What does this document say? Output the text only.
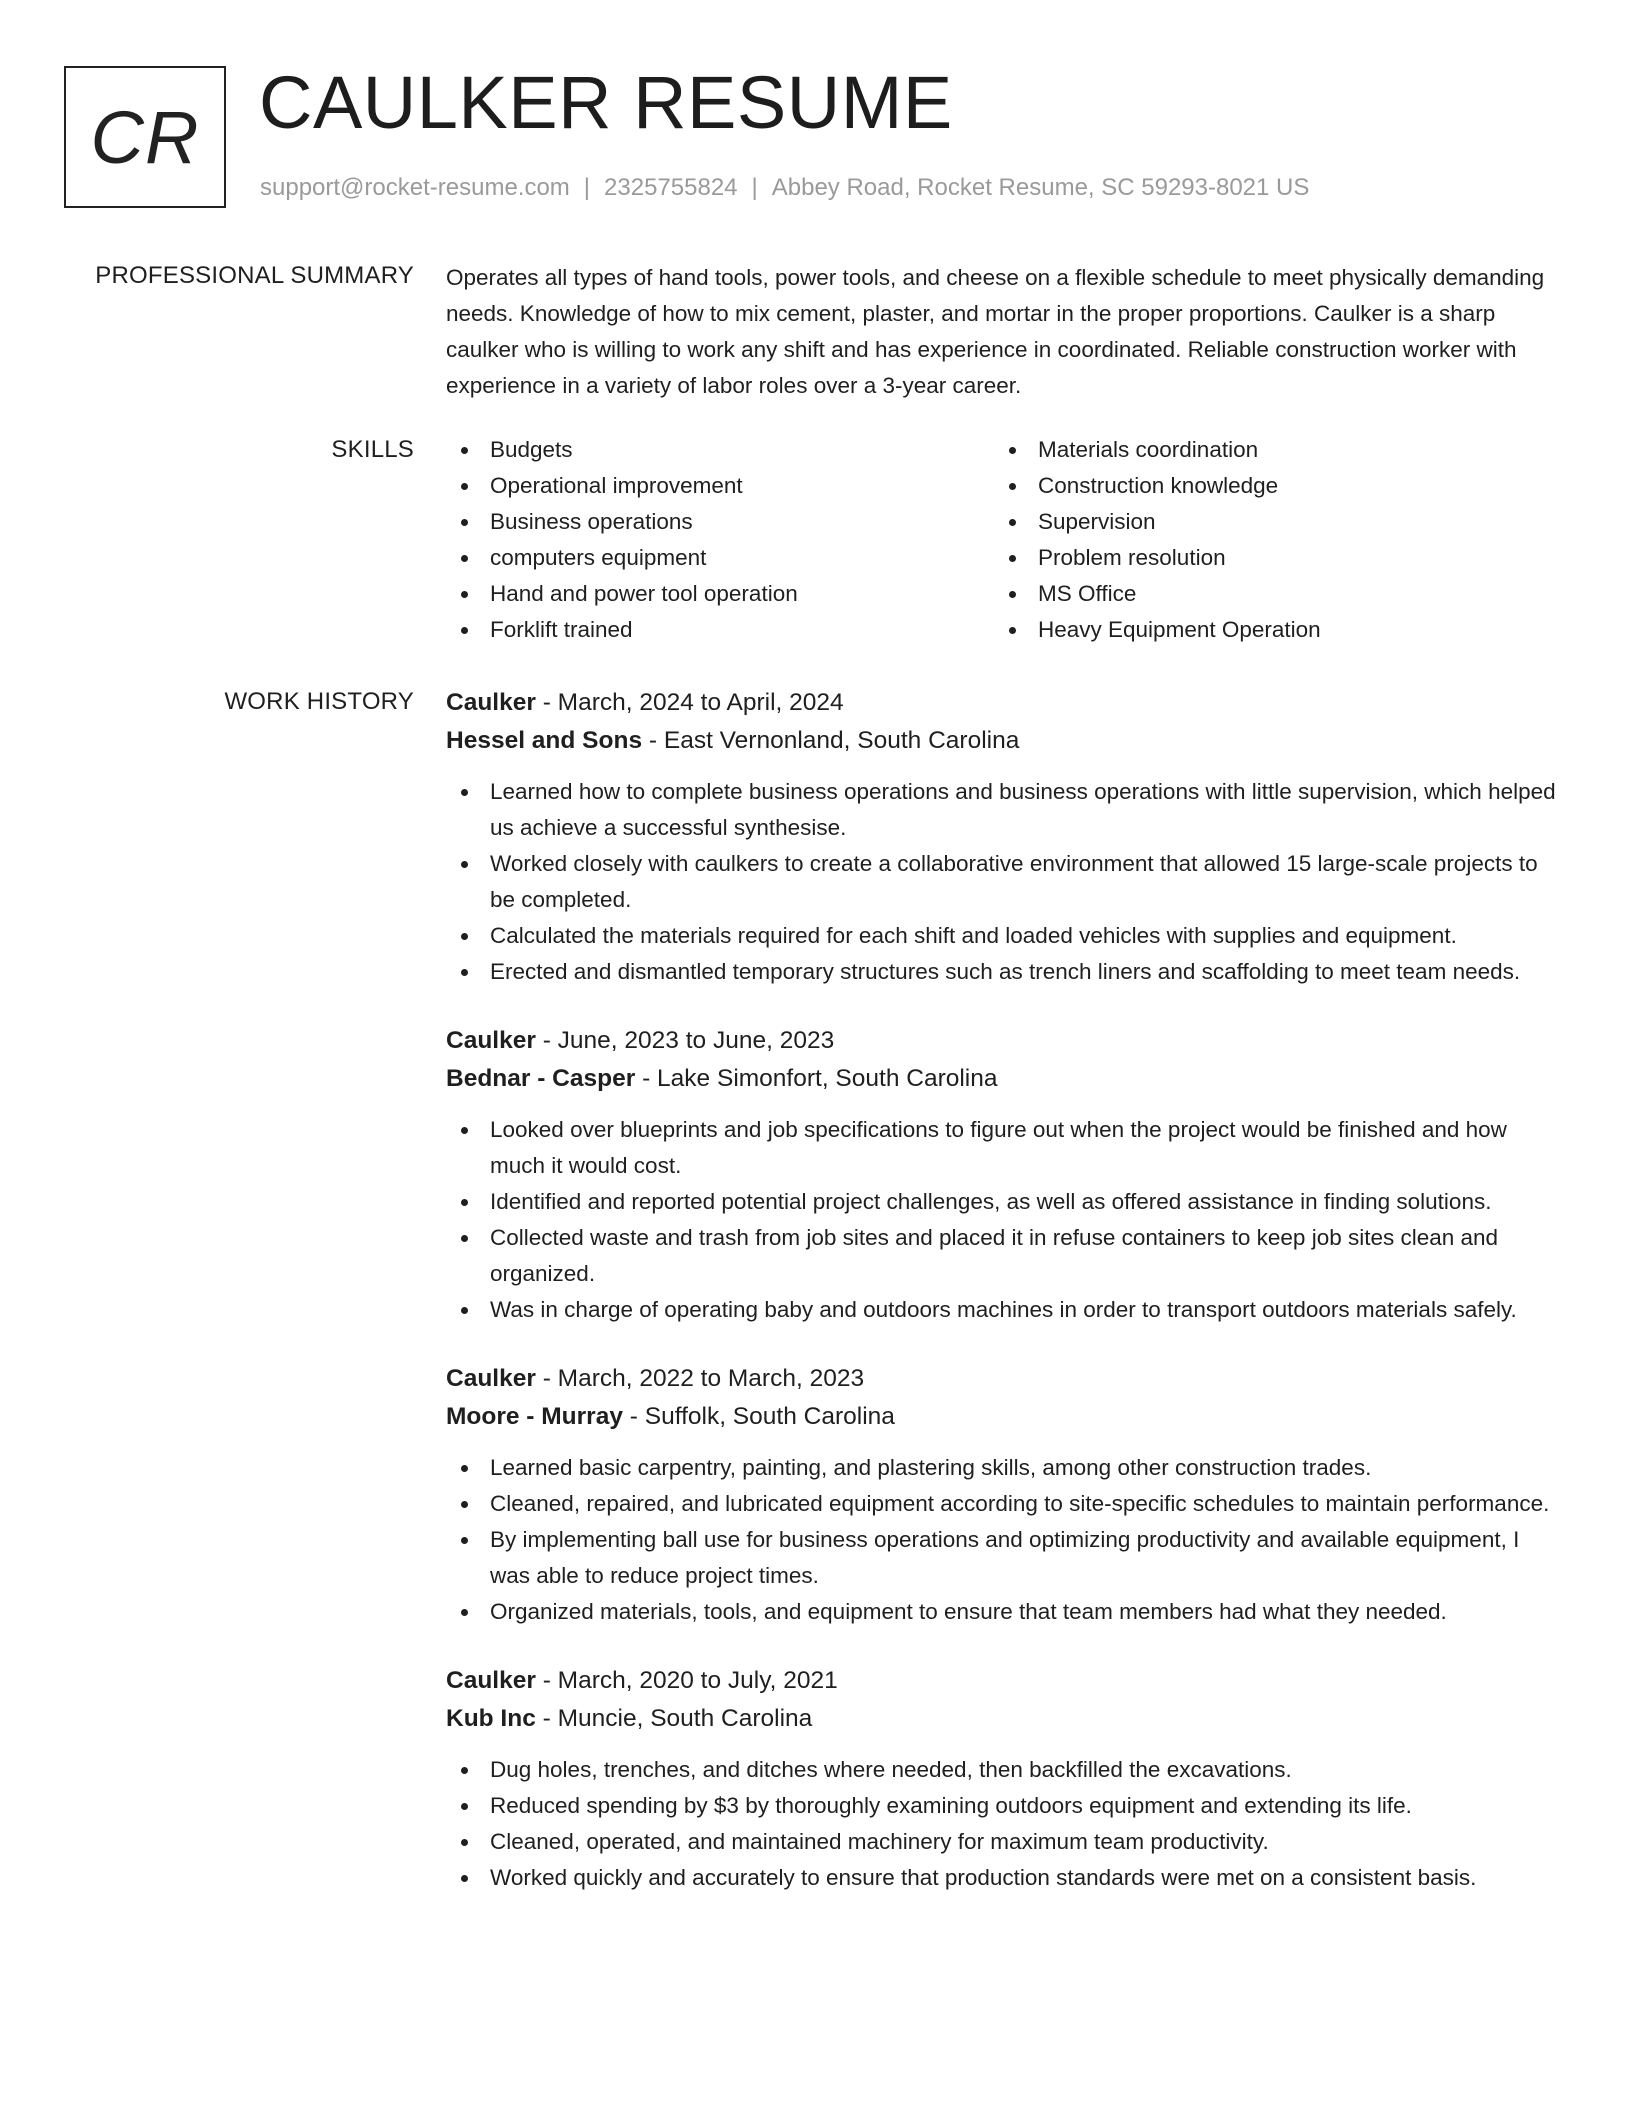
CR CAULKER RESUME
support@rocket-resume.com | 2325755824 | Abbey Road, Rocket Resume, SC 59293-8021 US
PROFESSIONAL SUMMARY Operates all types of hand tools, power tools, and cheese on a flexible schedule to meet physically demanding needs. Knowledge of how to mix cement, plaster, and mortar in the proper proportions. Caulker is a sharp caulker who is willing to work any shift and has experience in coordinated. Reliable construction worker with experience in a variety of labor roles over a 3-year career.
SKILLS	Budgets
Operational improvement
Business operations
computers equipment
Hand and power tool operation
Forklift trained
Materials coordination
Construction knowledge
Supervision
Problem resolution
MS Office
Heavy Equipment Operation
WORK HISTORY Caulker - March, 2024 to April, 2024
Hessel and Sons - East Vernonland, South Carolina
Learned how to complete business operations and business operations with little supervision, which helped us achieve a successful synthesise.
Worked closely with caulkers to create a collaborative environment that allowed 15 large-scale projects to be completed.
Calculated the materials required for each shift and loaded vehicles with supplies and equipment.
Erected and dismantled temporary structures such as trench liners and scaffolding to meet team needs.
Caulker - June, 2023 to June, 2023
Bednar - Casper - Lake Simonfort, South Carolina
Looked over blueprints and job specifications to figure out when the project would be finished and how much it would cost.
Identified and reported potential project challenges, as well as offered assistance in finding solutions.
Collected waste and trash from job sites and placed it in refuse containers to keep job sites clean and organized.
Was in charge of operating baby and outdoors machines in order to transport outdoors materials safely.
Caulker - March, 2022 to March, 2023
Moore - Murray - Suffolk, South Carolina
Learned basic carpentry, painting, and plastering skills, among other construction trades.
Cleaned, repaired, and lubricated equipment according to site-specific schedules to maintain performance.
By implementing ball use for business operations and optimizing productivity and available equipment, I was able to reduce project times.
Organized materials, tools, and equipment to ensure that team members had what they needed.
Caulker - March, 2020 to July, 2021
Kub Inc - Muncie, South Carolina
Dug holes, trenches, and ditches where needed, then backfilled the excavations.
Reduced spending by $3 by thoroughly examining outdoors equipment and extending its life.
Cleaned, operated, and maintained machinery for maximum team productivity.
Worked quickly and accurately to ensure that production standards were met on a consistent basis.
